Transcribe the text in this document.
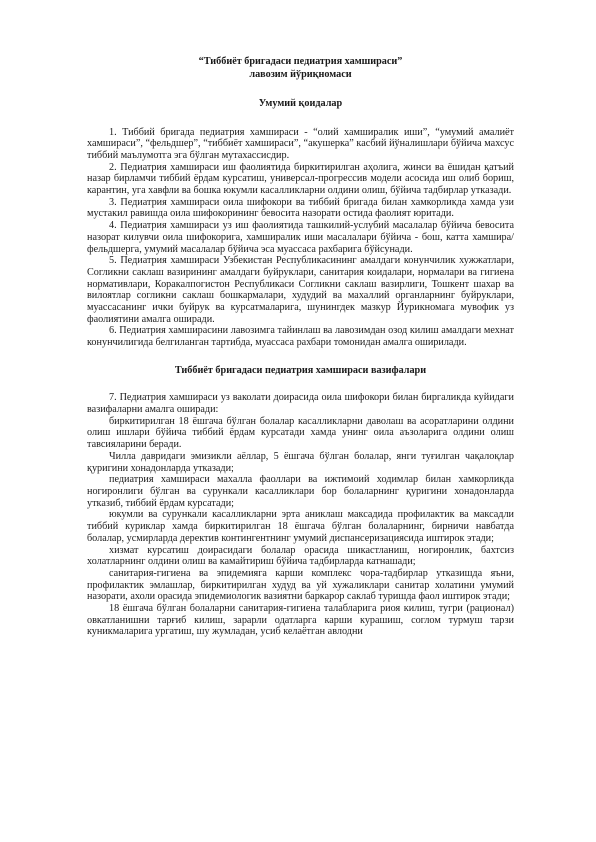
“Тиббиёт бригадаси педиатрия хамшираси”
лавозим йўриқномаси
Умумий қоидалар

1. Тиббий бригада педиатрия хамшираси - “олий хамширалик иши”, “умумий амалиёт хамшираси”, “фельдшер”, “тиббиёт хамшираси”, “акушерка” касбий йўналишлари бўйича махсус тиббий маълумотга эга бўлган мутахассисдир.

2. Педиатрия хамшираси иш фаолиятида биркитирилган аҳолига, жинси ва ёшидан қатъий назар бирламчи тиббий ёрдам курсатиш, универсал-прогрессив модели асосида иш олиб бориш, карантин, уга хавфли ва бошка юкумли касалликларни олдини олиш, бўйича тадбирлар утказади.

3. Педиатрия хамшираси оила шифокори ва тиббий бригада билан хамкорликда хамда узи мустакил равишда оила шифокорининг бевосита назорати остида фаолият юритади.

4. Педиатрия хамшираси уз иш фаолиятида ташкилий-услубий масалалар бўйича бевосита назорат килувчи оила шифокорига, хамширалик иши масалалари бўйича - бош, катта хамшира/фельдшерга, умумий масалалар бўйича эса муассаса рахбарига бўйсунади.

5. Педиатрия хамшираси Узбекистан Республикасининг амалдаги конунчилик хужжатлари, Согликни саклаш вазирининг амалдаги буйруклари, санитария коидалари, нормалари ва гигиена нормативлари, Коракалпогистон Республикаси Согликни саклаш вазирлиги, Тошкент шахар ва вилоятлар согликни саклаш бошкармалари, худудий ва махаллий органларнинг буйруклари, муассасанинг ички буйрук ва курсатмаларига, шунингдек мазкур Йурикномага мувофик уз фаолиятини амалга оширади.

6. Педиатрия хамширасини лавозимга тайинлаш ва лавозимдан озод килиш амалдаги мехнат конунчилигида белгиланган тартибда, муассаса рахбари томонидан амалга оширилади.

Тиббиёт бригадаси педиатрия хамшираси вазифалари

7. Педиатрия хамшираси уз ваколати доирасида оила шифокори билан биргаликда куйидаги вазифаларни амалга оширади:

биркитирилган 18 ёшгача бўлган болалар касалликларни даволаш ва асоратларини олдини олиш ишлари бўйича тиббий ёрдам курсатади хамда унинг оила аъзоларига олдини олиш тавсияларини беради.

Чилла давридаги эмизикли аёллар, 5 ёшгача бўлган болалар, янги туғилган чақалоқлар қуригини хонадонларда утказади;

педиатрия хамшираси махалла фаоллари ва ижтимоий ходимлар билан хамкорликда ногиронлиги бўлган ва сурункали касалликлари бор болаларнинг қуригини хонадонларда утказиб, тиббий ёрдам курсатади;

юкумли ва сурункали касалликларни эрта аниклаш максадида профилактик ва максадли тиббий куриклар хамда биркитирилган 18 ёшгача бўлган болаларнинг, бирничи навбатда болалар, усмирларда деректив контингентнинг умумий диспансеризациясида иштирок этади;

хизмат курсатиш доирасидаги болалар орасида шикастланиш, ногиронлик, бахтсиз холатларнинг олдини олиш ва камайтириш бўйича тадбирларда катнашади;

санитария-гигиена ва эпидемияга карши комплекс чора-тадбирлар утказишда яъни, профилактик эмлашлар, биркитирилган худуд ва уй хужаликлари санитар холатини умумий назорати, ахоли орасида эпидемиологик вазиятни баркарор саклаб туришда фаол иштирок этади;

18 ёшгача бўлган болаларни санитария-гигиена талабларига риоя килиш, тугри (рационал) овкатланишни тарғиб килиш, зарарли одатларга карши курашиш, соглом турмуш тарзи куникмаларига ургатиш, шу жумладан, усиб келаётган авлодни
